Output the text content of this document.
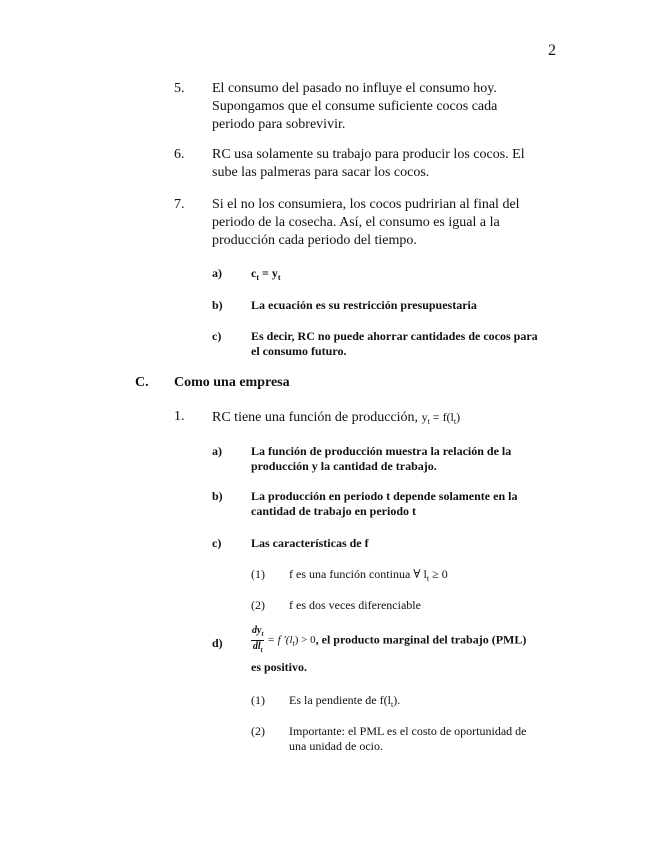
2
5. El consumo del pasado no influye el consumo hoy.
Supongamos que el consume suficiente cocos cada
periodo para sobrevivir.
6. RC usa solamente su trabajo para producir los cocos. El
sube las palmeras para sacar los cocos.
7. Si el no los consumiera, los cocos pudririan al final del
periodo de la cosecha. Así, el consumo es igual a la
producción cada periodo del tiempo.
a) $c_t = y_t$
b) La ecuación es su restricción presupuestaria
c) Es decir, RC no puede ahorrar cantidades de cocos para
el consumo futuro.
C. Como una empresa
1. RC tiene una función de producción, $y_t = f(l_t)$
a) La función de producción muestra la relación de la
producción y la cantidad de trabajo.
b) La producción en periodo t depende solamente en la
cantidad de trabajo en periodo t
c) Las características de f
(1) f es una función continua ∀ $l_t \ge 0$
(2) f es dos veces diferenciable
d)	$\frac{dy_t}{dl_t} = f$ $'(l_t) > 0$, el producto marginal del trabajo (PML)
es positivo.
(1) Es la pendiente de $f(l_t)$.
(2) Importante: el PML es el costo de oportunidad de
una unidad de ocio.
